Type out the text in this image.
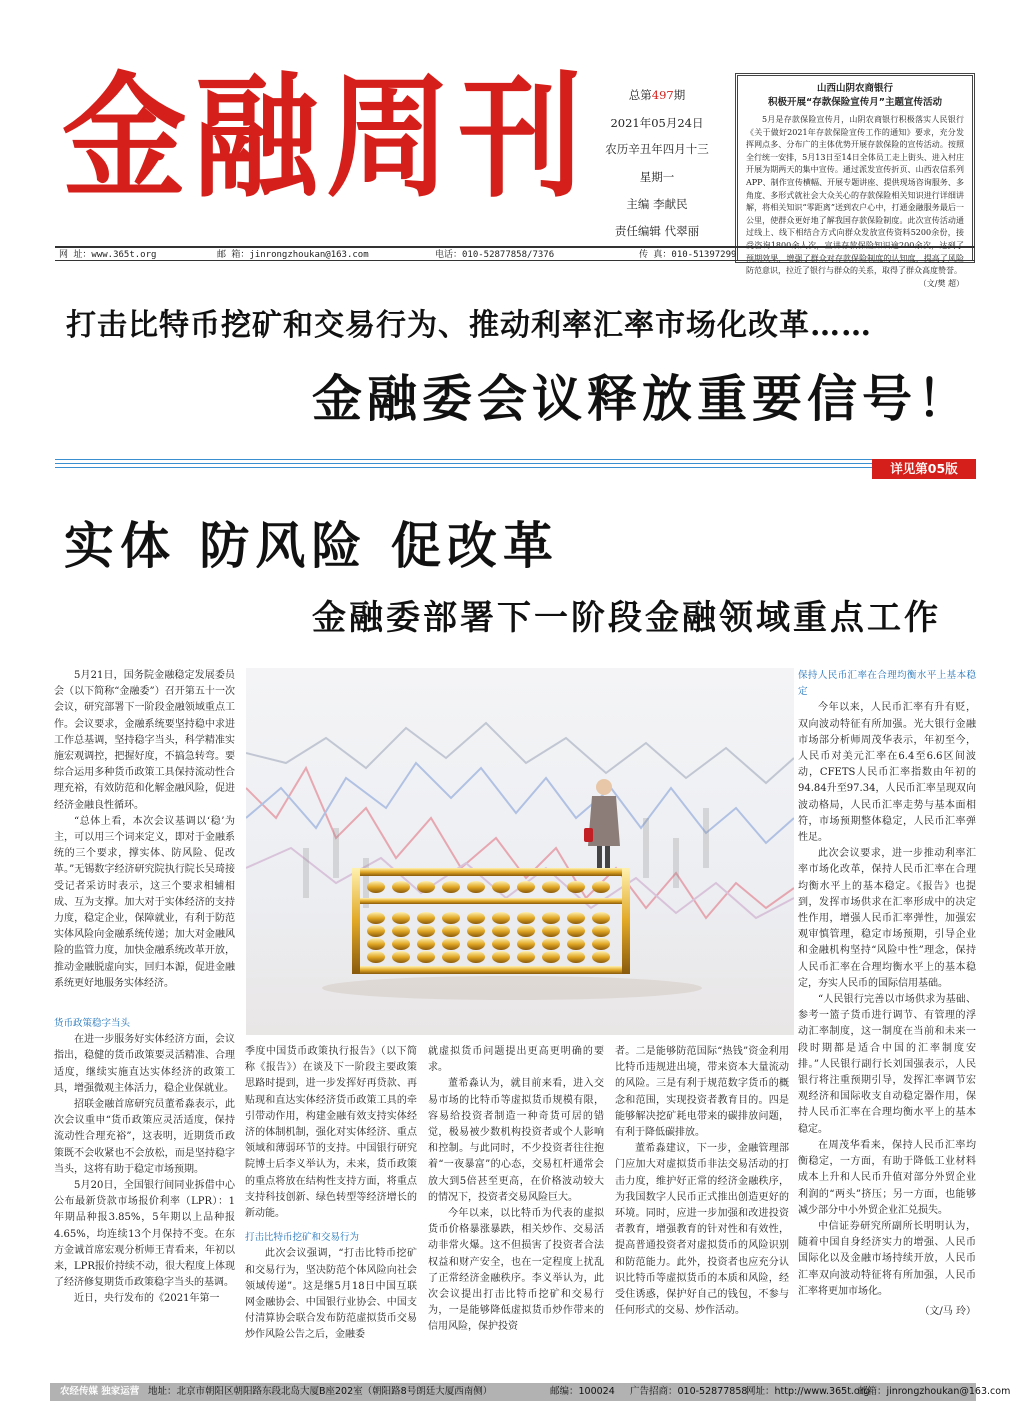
金融周刊	总第497期
2021年05月24日
农历辛丑年四月十三
星期一
主编 李献民
责任编辑 代翠丽
山西山阴农商银行
积极开展“存款保险宣传月”主题宣传活动
5月是存款保险宣传月，山阴农商银行积极落实人民银行《关于做好2021年存款保险宣传工作的通知》要求，充分发挥网点多、分布广的主体优势开展存款保险的宣传活动。按照全行统一安排，5月13日至14日全体员工走上街头、进入村庄开展为期两天的集中宣传。通过派发宣传折页、山西农信系列APP、制作宣传横幅、开展专题讲座、提供现场咨询服务、多角度、多形式就社会大众关心的存款保险相关知识进行详细讲解，将相关知识“零距离”送到农户心中，打通金融服务最后一公里，使群众更好地了解我国存款保险制度。此次宣传活动通过线上、线下相结合方式向群众发放宣传资料5200余份，接受咨询1800余人次，宣讲存款保险知识逾200余次，达到了预期效果，增强了群众对存款保险制度的认知度，提高了风险防范意识，拉近了银行与群众的关系，取得了群众高度赞誉。
（文/樊 超）
网 址：www.365t.org	邮 箱：jinrongzhoukan@163.com	电话：010-52877858/7376	传 真：010-51397299
打击比特币挖矿和交易行为、推动利率汇率市场化改革……
金融委会议释放重要信号！
详见第05版
实体 防风险 促改革
金融委部署下一阶段金融领域重点工作

5月21日，国务院金融稳定发展委员会（以下简称“金融委”）召开第五十一次会议，研究部署下一阶段金融领域重点工作。会议要求，金融系统要坚持稳中求进工作总基调，坚持稳字当头，科学精准实施宏观调控，把握好度，不搞急转弯。要综合运用多种货币政策工具保持流动性合理充裕，有效防范和化解金融风险，促进经济金融良性循环。

“总体上看，本次会议基调以‘稳’为主，可以用三个词来定义，即对于金融系统的三个要求，撑实体、防风险、促改革。”无锡数字经济研究院执行院长吴琦接受记者采访时表示，这三个要求相辅相成、互为支撑。加大对于实体经济的支持力度，稳定企业，保障就业，有利于防范实体风险向金融系统传递；加大对金融风险的监管力度，加快金融系统改革开放，推动金融脱虚向实，回归本源，促进金融系统更好地服务实体经济。

货币政策稳字当头

在进一步服务好实体经济方面，会议指出，稳健的货币政策要灵活精准、合理适度，继续实施直达实体经济的政策工具，增强微观主体活力，稳企业保就业。

招联金融首席研究员董希淼表示，此次会议重申“货币政策应灵活适度，保持流动性合理充裕”，这表明，近期货币政策既不会收紧也不会放松，而是坚持稳字当头，这将有助于稳定市场预期。

5月20日，全国银行间同业拆借中心公布最新贷款市场报价利率（LPR）：1年期品种报3.85%，5年期以上品种报4.65%，均连续13个月保持不变。在东方金诚首席宏观分析师王青看来，年初以来，LPR报价持续不动，很大程度上体现了经济修复期货币政策稳字当头的基调。

近日，央行发布的《2021年第一

季度中国货币政策执行报告》（以下简称《报告》）在谈及下一阶段主要政策思路时提到，进一步发挥好再贷款、再贴现和直达实体经济货币政策工具的牵引带动作用，构建金融有效支持实体经济的体制机制，强化对实体经济、重点领域和薄弱环节的支持。中国银行研究院博士后李义举认为，未来，货币政策的重点将放在结构性支持方面，将重点支持科技创新、绿色转型等经济增长的新动能。

打击比特币挖矿和交易行为

此次会议强调，“打击比特币挖矿和交易行为，坚决防范个体风险向社会领域传递”。这是继5月18日中国互联网金融协会、中国银行业协会、中国支付清算协会联合发布防范虚拟货币交易炒作风险公告之后，金融委

就虚拟货币问题提出更高更明确的要求。

董希淼认为，就目前来看，进入交易市场的比特币等虚拟货币规模有限，容易给投资者制造一种奇货可居的错觉，极易被少数机构投资者或个人影响和控制。与此同时，不少投资者往往抱着“一夜暴富”的心态，交易杠杆通常会放大到5倍甚至更高，在价格波动较大的情况下，投资者交易风险巨大。

今年以来，以比特币为代表的虚拟货币价格暴涨暴跌，相关炒作、交易活动非常火爆。这不但损害了投资者合法权益和财产安全，也在一定程度上扰乱了正常经济金融秩序。李义举认为，此次会议提出打击比特币挖矿和交易行为，一是能够降低虚拟货币炒作带来的信用风险，保护投资

者。二是能够防范国际“热钱”资金利用比特币违规进出境，带来资本大量流动的风险。三是有利于规范数字货币的概念和范围，实现投资者教育目的。四是能够解决挖矿耗电带来的碳排放问题，有利于降低碳排放。

董希淼建议，下一步，金融管理部门应加大对虚拟货币非法交易活动的打击力度，维护好正常的经济金融秩序，为我国数字人民币正式推出创造更好的环境。同时，应进一步加强和改进投资者教育，增强教育的针对性和有效性，提高普通投资者对虚拟货币的风险识别和防范能力。此外，投资者也应充分认识比特币等虚拟货币的本质和风险，经受住诱惑，保护好自己的钱包，不参与任何形式的交易、炒作活动。

保持人民币汇率在合理均衡水平上基本稳定

今年以来，人民币汇率有升有贬，双向波动特征有所加强。光大银行金融市场部分析师周茂华表示，年初至今，人民币对美元汇率在6.4至6.6区间波动，CFETS人民币汇率指数由年初的94.84升至97.34，人民币汇率呈现双向波动格局，人民币汇率走势与基本面相符，市场预期整体稳定，人民币汇率弹性足。

此次会议要求，进一步推动利率汇率市场化改革，保持人民币汇率在合理均衡水平上的基本稳定。《报告》也提到，发挥市场供求在汇率形成中的决定性作用，增强人民币汇率弹性，加强宏观审慎管理，稳定市场预期，引导企业和金融机构坚持“风险中性”理念，保持人民币汇率在合理均衡水平上的基本稳定，夯实人民币的国际信用基础。

“人民银行完善以市场供求为基础、参考一篮子货币进行调节、有管理的浮动汇率制度，这一制度在当前和未来一段时期都是适合中国的汇率制度安排。”人民银行副行长刘国强表示，人民银行将注重预期引导，发挥汇率调节宏观经济和国际收支自动稳定器作用，保持人民币汇率在合理均衡水平上的基本稳定。

在周茂华看来，保持人民币汇率均衡稳定，一方面，有助于降低工业材料成本上升和人民币升值对部分外贸企业利润的“两头”挤压；另一方面，也能够减少部分中小外贸企业汇兑损失。

中信证券研究所副所长明明认为，随着中国自身经济实力的增强、人民币国际化以及金融市场持续开放，人民币汇率双向波动特征将有所加强，人民币汇率将更加市场化。

（文/马 玲）

农经传媒 独家运营 地址：北京市朝阳区朝阳路东段北岛大厦B座202室（朝阳路8号朗廷大厦西南侧）	邮编：100024 广告招商：010-52877858
网址：http://www.365t.org
邮箱：jinrongzhoukan@163.com
